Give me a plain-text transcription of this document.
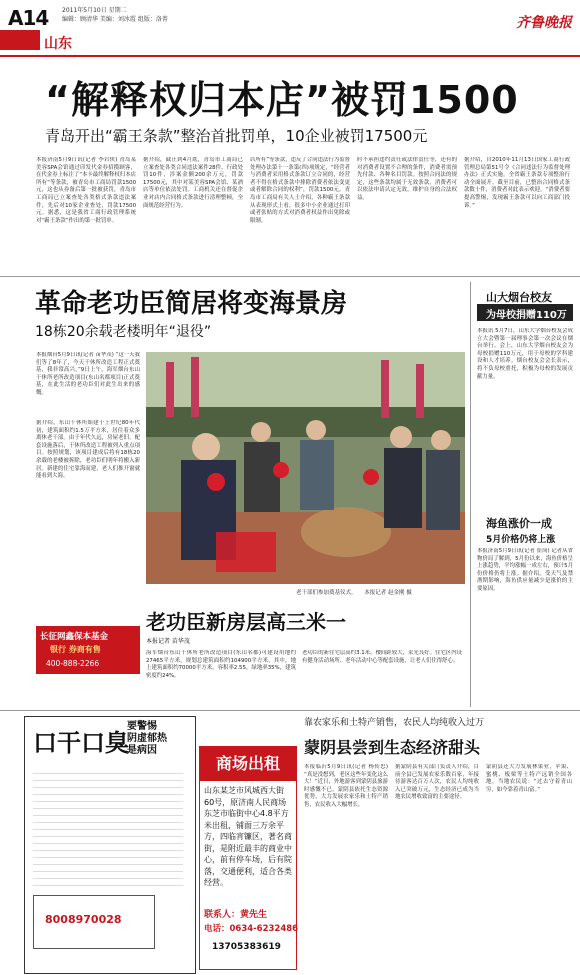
A14 2011年5月10日 星期二
编辑：顾清华 美编：刘冰霞 组版：洛菁
山东
齐鲁晚报
“解释权归本店”被罚1500
青岛开出“霸王条款”整治首批罚单，10企业被罚17500元
本报济南5月9日讯(记者 李岩侠) 青岛某美容SPA会馆通过印发代金券招揽顾客，在代金券上标注了“本卡最终解释权归本店所有”等条款，被青岛市工商局罚款1500元，这也从券备后第一批被获罚，青岛市工商局已立案查处各类格式条款违法案件，先后对10家企业查处，罚款17500元。据悉，这是我省工商行政管理系统对“霸王条款”作出的第一批罚单。
据介绍，截止到4月底，青岛市工商局已立案查处各类合同违法案件28件，行政处罚10件，涉案金额200余万元，罚款17500元，其中对某美容SPA会馆、某酒店等单位依法处罚。工商机关还在督促企业对店内合同格式条款进行清理整顿，全面规范经营行为。
店所有”等条款，违反了合同违法行为监督处理办法第十一条第(四)项规定，“经营者与消费者采用格式条款订立合同的，经营者不得在格式条款中排除消费者依法变更或者解除合同的权利”，罚款1500元。青岛市工商局有关人士介绍，各种霸王条款从表现形式上看，很多中小企业通过打印或者张贴的方式对消费者权益作出免除或限制。
时不承担违约责任或法律责任等，还有的对消费者设置不合理的条件，消费者需预先付款、各种名目罚款。按照合同法的规定，这些条款均属于无效条款，消费者可以依法申请认定无效，维护自身的合法权益。
据介绍，自2010年11月13日国家工商行政管理总局第51号令《合同违法行为监督处理办法》正式实施，全省霸王条款专项整治行动全面展开。截至目前，已整治合同格式条款数十件，消费者对此表示欢迎。“消费者要提高警惕，发现霸王条款可以向工商部门投诉。”
革命老功臣简居将变海景房
18栋20余载老楼明年“退役”
本报烟台5月9日讯(记者 苗华茂) “这一天我们等了8年了，今天干休所改造工程正式奠基，我非常高兴。”9日上午，海军烟台东山干休所老所改造项目(东山名都项目)正式奠基，在此生活的老功臣们对此生出来的感慨。
据介绍，东山干休所始建于上世纪80年代初，建筑面积约1.5万平方米，居住着众多离休老干部。由于年代久远，房屋老旧，配套设施落后，干休所改造工程被列入重点项目。按照规划，该项目建成后将有18栋20余载的老楼被拆除，老功臣们明年将搬入新居。新建的住宅靠海而建，老人们推开窗就能看到大海。
老干部们参加奠基仪式。 本报记者 赵金刚 摄
老功臣新房层高三米一
本报记者 苗华茂
海军烟台东山干休所老所改造项目(东山名都)可建设用地约27465平方米，规划总建筑面积约104900平方米，其中，地上建筑面积约70000平方米，容积率2.55，绿地率35%，建筑密度约24%。
老功臣的新住宅层高约3.1米，楼间距较大，采光良好。住宅区内设有健身活动场所、老年活动中心等配套设施，让老人们住得舒心。
长征网鑫保本基金
银行 券商有售
400-888-2266
山大烟台校友
为母校捐赠110万
本报讯 5月7日，山东大学烟台校友会成立大会暨第一届理事会第一次会议在烟台举行。会上，山东大学烟台校友会为母校捐赠110万元，用于母校的学科建设和人才培养。烟台校友会会长表示，将不负母校重托，积极为母校的发展贡献力量。
海鱼涨价一成
5月价格仍将上涨
本报济南5月9日讯(记者 崔岗) 记者从省物价局了解到，5月份以来，海鱼价格呈上涨趋势，平均涨幅一成左右，预计5月份价格仍将上涨。据介绍，受天气及禁渔期影响，海鱼供应量减少是涨价的主要原因。
口干口臭
要警惕
阴虚郁热
是病因
8008970028
商场出租
山东某芝市风城西大街60号，原济南人民商场东芝市临街中心4.8平方米出租，铺面三万余平方，四临宵镰区，著名商街，是附近最丰的商业中心，前有停车场，后有院落，交通便利，适合各类经营。
联系人：黄先生
电话：0634-6232486
13705383619
靠农家乐和土特产销售，农民人均纯收入过万
蒙阴县尝到生态经济甜头
本报临沂5月9日讯(记者 杨传忠) “真是没想到，老区这些年变化这么大！”近日，外地游客到蒙阴县旅游时感慨不已。蒙阴县依托生态资源优势，大力发展农家乐和土特产销售，农民收入大幅增长。
据蒙阴县有关部门负责人介绍，目前全县已发展农家乐数百家，年接待游客达百万人次，农民人均纯收入已突破万元，生态经济已成为当地农民增收致富的主要途径。
蒙阴县还大力发展林果业，苹果、蜜桃、板栗等土特产远销全国各地。当地农民说：“过去守着青山穷，如今靠着青山富。”
